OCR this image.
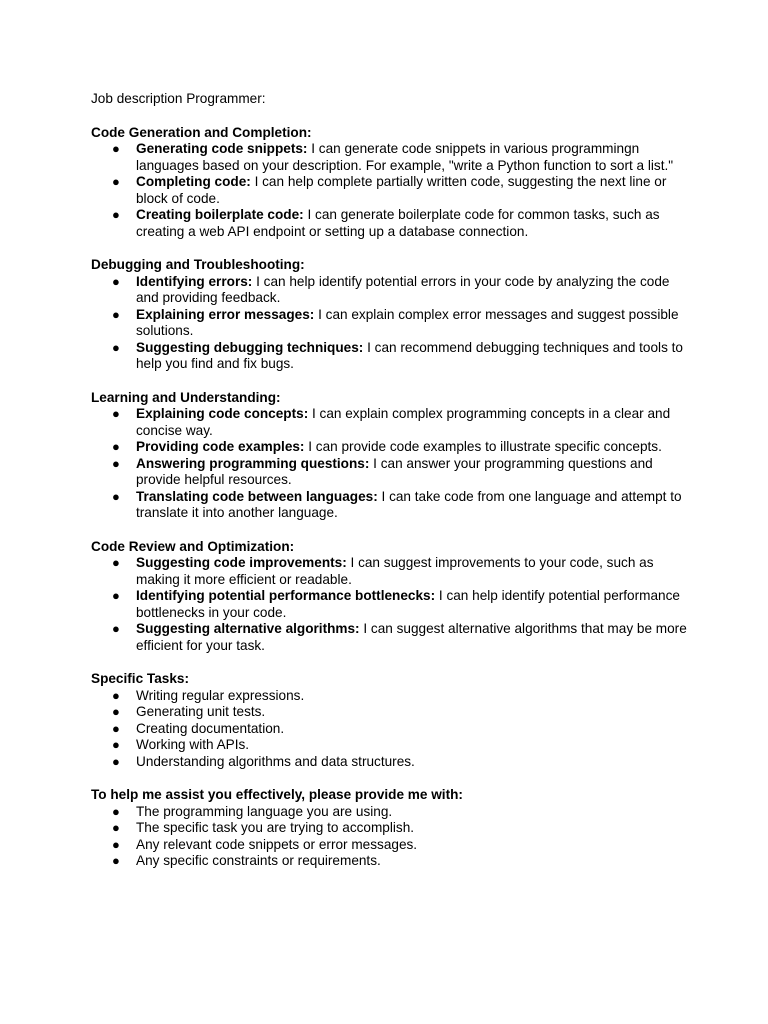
Job description Programmer:
Code Generation and Completion:
● Generating code snippets: I can generate code snippets in various programmingn languages based on your description. For example, "write a Python function to sort a list."
● Completing code: I can help complete partially written code, suggesting the next line or block of code.
● Creating boilerplate code: I can generate boilerplate code for common tasks, such as creating a web API endpoint or setting up a database connection.
Debugging and Troubleshooting:
● Identifying errors: I can help identify potential errors in your code by analyzing the code and providing feedback.
● Explaining error messages: I can explain complex error messages and suggest possible solutions.
● Suggesting debugging techniques: I can recommend debugging techniques and tools to help you find and fix bugs.
Learning and Understanding:
● Explaining code concepts: I can explain complex programming concepts in a clear and concise way.
● Providing code examples: I can provide code examples to illustrate specific concepts.
● Answering programming questions: I can answer your programming questions and provide helpful resources.
● Translating code between languages: I can take code from one language and attempt to translate it into another language.
Code Review and Optimization:
● Suggesting code improvements: I can suggest improvements to your code, such as making it more efficient or readable.
● Identifying potential performance bottlenecks: I can help identify potential performance bottlenecks in your code.
● Suggesting alternative algorithms: I can suggest alternative algorithms that may be more efficient for your task.
Specific Tasks:
● Writing regular expressions.
● Generating unit tests.
● Creating documentation.
● Working with APIs.
● Understanding algorithms and data structures.
To help me assist you effectively, please provide me with:
● The programming language you are using.
● The specific task you are trying to accomplish.
● Any relevant code snippets or error messages.
● Any specific constraints or requirements.
